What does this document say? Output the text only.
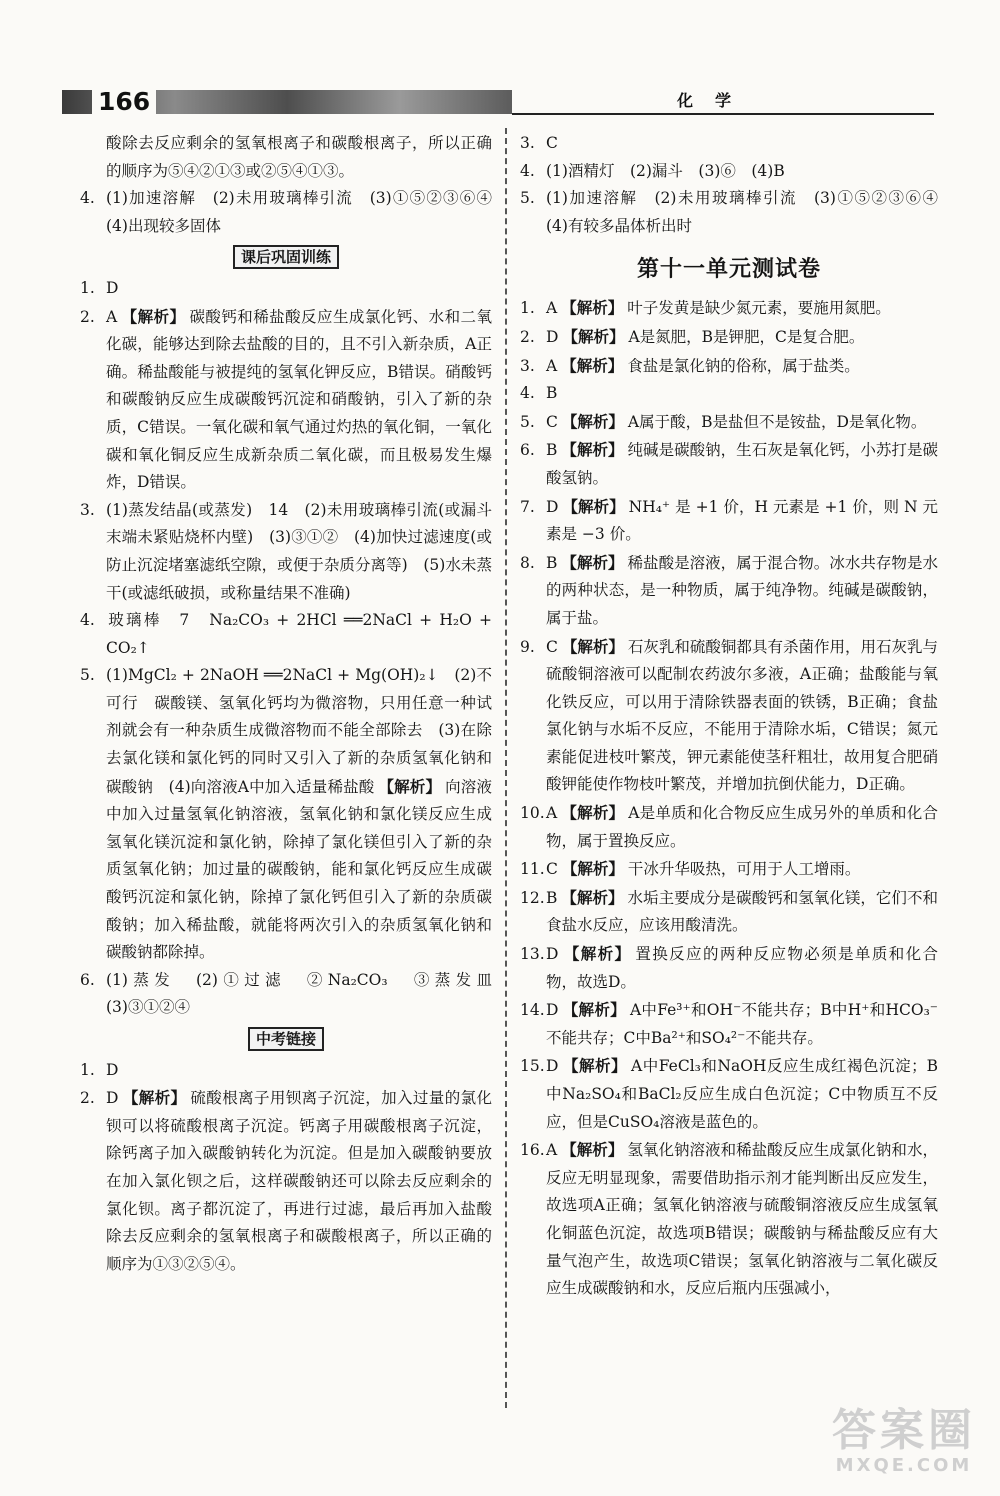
166	化学
酸除去反应剩余的氢氧根离子和碳酸根离子，所以正确的顺序为⑤④②①③或②⑤④①③。
4. (1)加速溶解　(2)未用玻璃棒引流　(3)①⑤②③⑥④　(4)出现较多固体
课后巩固训练
1. D
2. A 【解析】 碳酸钙和稀盐酸反应生成氯化钙、水和二氧化碳，能够达到除去盐酸的目的，且不引入新杂质，A正确。稀盐酸能与被提纯的氢氧化钾反应，B错误。硝酸钙和碳酸钠反应生成碳酸钙沉淀和硝酸钠，引入了新的杂质，C错误。一氧化碳和氧气通过灼热的氧化铜，一氧化碳和氧化铜反应生成新杂质二氧化碳，而且极易发生爆炸，D错误。
3. (1)蒸发结晶(或蒸发)　14　(2)未用玻璃棒引流(或漏斗末端未紧贴烧杯内壁)　(3)③①②　(4)加快过滤速度(或防止沉淀堵塞滤纸空隙，或便于杂质分离等)　(5)水未蒸干(或滤纸破损，或称量结果不准确)
4. 玻璃棒　7　Na₂CO₃ + 2HCl ══2NaCl + H₂O + CO₂↑
5. (1)MgCl₂ + 2NaOH ══2NaCl + Mg(OH)₂↓　(2)不可行　碳酸镁、氢氧化钙均为微溶物，只用任意一种试剂就会有一种杂质生成微溶物而不能全部除去　(3)在除去氯化镁和氯化钙的同时又引入了新的杂质氢氧化钠和碳酸钠　(4)向溶液A中加入适量稀盐酸 【解析】 向溶液中加入过量氢氧化钠溶液，氢氧化钠和氯化镁反应生成氢氧化镁沉淀和氯化钠，除掉了氯化镁但引入了新的杂质氢氧化钠；加过量的碳酸钠，能和氯化钙反应生成碳酸钙沉淀和氯化钠，除掉了氯化钙但引入了新的杂质碳酸钠；加入稀盐酸，就能将两次引入的杂质氢氧化钠和碳酸钠都除掉。
6. (1)蒸发　(2)①过滤　②Na₂CO₃　③蒸发皿　(3)③①②④
中考链接
1. D
2. D 【解析】 硫酸根离子用钡离子沉淀，加入过量的氯化钡可以将硫酸根离子沉淀。钙离子用碳酸根离子沉淀，除钙离子加入碳酸钠转化为沉淀。但是加入碳酸钠要放在加入氯化钡之后，这样碳酸钠还可以除去反应剩余的氯化钡。离子都沉淀了，再进行过滤，最后再加入盐酸除去反应剩余的氢氧根离子和碳酸根离子，所以正确的顺序为①③②⑤④。
3. C
4. (1)酒精灯　(2)漏斗　(3)⑥　(4)B
5. (1)加速溶解　(2)未用玻璃棒引流　(3)①⑤②③⑥④　(4)有较多晶体析出时
第十一单元测试卷
1. A 【解析】 叶子发黄是缺少氮元素，要施用氮肥。
2. D 【解析】 A是氮肥，B是钾肥，C是复合肥。
3. A 【解析】 食盐是氯化钠的俗称，属于盐类。
4. B
5. C 【解析】 A属于酸，B是盐但不是铵盐，D是氧化物。
6. B 【解析】 纯碱是碳酸钠，生石灰是氧化钙，小苏打是碳酸氢钠。
7. D 【解析】 NH₄⁺ 是 +1 价，H 元素是 +1 价，则 N 元素是 −3 价。
8. B 【解析】 稀盐酸是溶液，属于混合物。冰水共存物是水的两种状态，是一种物质，属于纯净物。纯碱是碳酸钠，属于盐。
9. C 【解析】 石灰乳和硫酸铜都具有杀菌作用，用石灰乳与硫酸铜溶液可以配制农药波尔多液，A正确；盐酸能与氧化铁反应，可以用于清除铁器表面的铁锈，B正确；食盐氯化钠与水垢不反应，不能用于清除水垢，C错误；氮元素能促进枝叶繁茂，钾元素能使茎秆粗壮，故用复合肥硝酸钾能使作物枝叶繁茂，并增加抗倒伏能力，D正确。
10.A 【解析】 A是单质和化合物反应生成另外的单质和化合物，属于置换反应。
11.C 【解析】 干冰升华吸热，可用于人工增雨。
12.B 【解析】 水垢主要成分是碳酸钙和氢氧化镁，它们不和食盐水反应，应该用酸清洗。
13.D 【解析】 置换反应的两种反应物必须是单质和化合物，故选D。
14.D 【解析】 A中Fe³⁺和OH⁻不能共存；B中H⁺和HCO₃⁻不能共存；C中Ba²⁺和SO₄²⁻不能共存。
15.D 【解析】 A中FeCl₃和NaOH反应生成红褐色沉淀；B中Na₂SO₄和BaCl₂反应生成白色沉淀；C中物质互不反应，但是CuSO₄溶液是蓝色的。
16.A 【解析】 氢氧化钠溶液和稀盐酸反应生成氯化钠和水，反应无明显现象，需要借助指示剂才能判断出反应发生，故选项A正确；氢氧化钠溶液与硫酸铜溶液反应生成氢氧化铜蓝色沉淀，故选项B错误；碳酸钠与稀盐酸反应有大量气泡产生，故选项C错误；氢氧化钠溶液与二氧化碳反应生成碳酸钠和水，反应后瓶内压强减小，
答案圈
MXQE.COM
